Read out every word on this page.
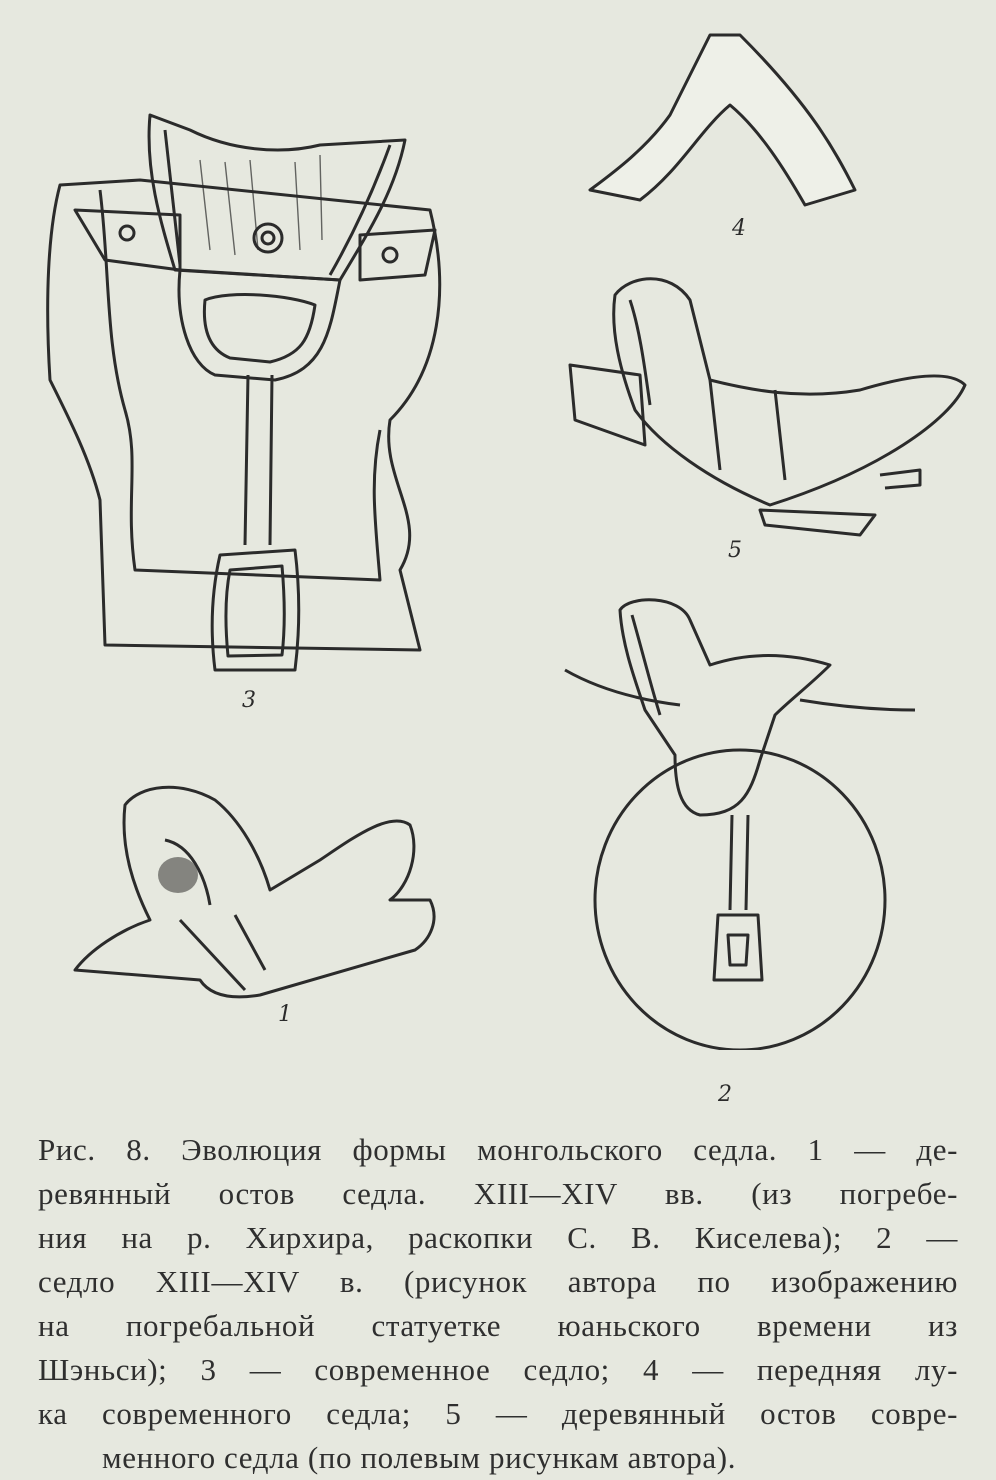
3
4
5
2
1
Рис. 8. Эволюция формы монгольского седла. 1 — де-
ревянный остов седла. XIII—XIV вв. (из погребе-
ния на р. Хирхира, раскопки С. В. Киселева); 2 —
седло XIII—XIV в. (рисунок автора по изображению
на погребальной статуетке юаньского времени из
Шэньси); 3 — современное седло; 4 — передняя лу-
ка современного седла; 5 — деревянный остов совре-
менного седла (по полевым рисункам автора).
